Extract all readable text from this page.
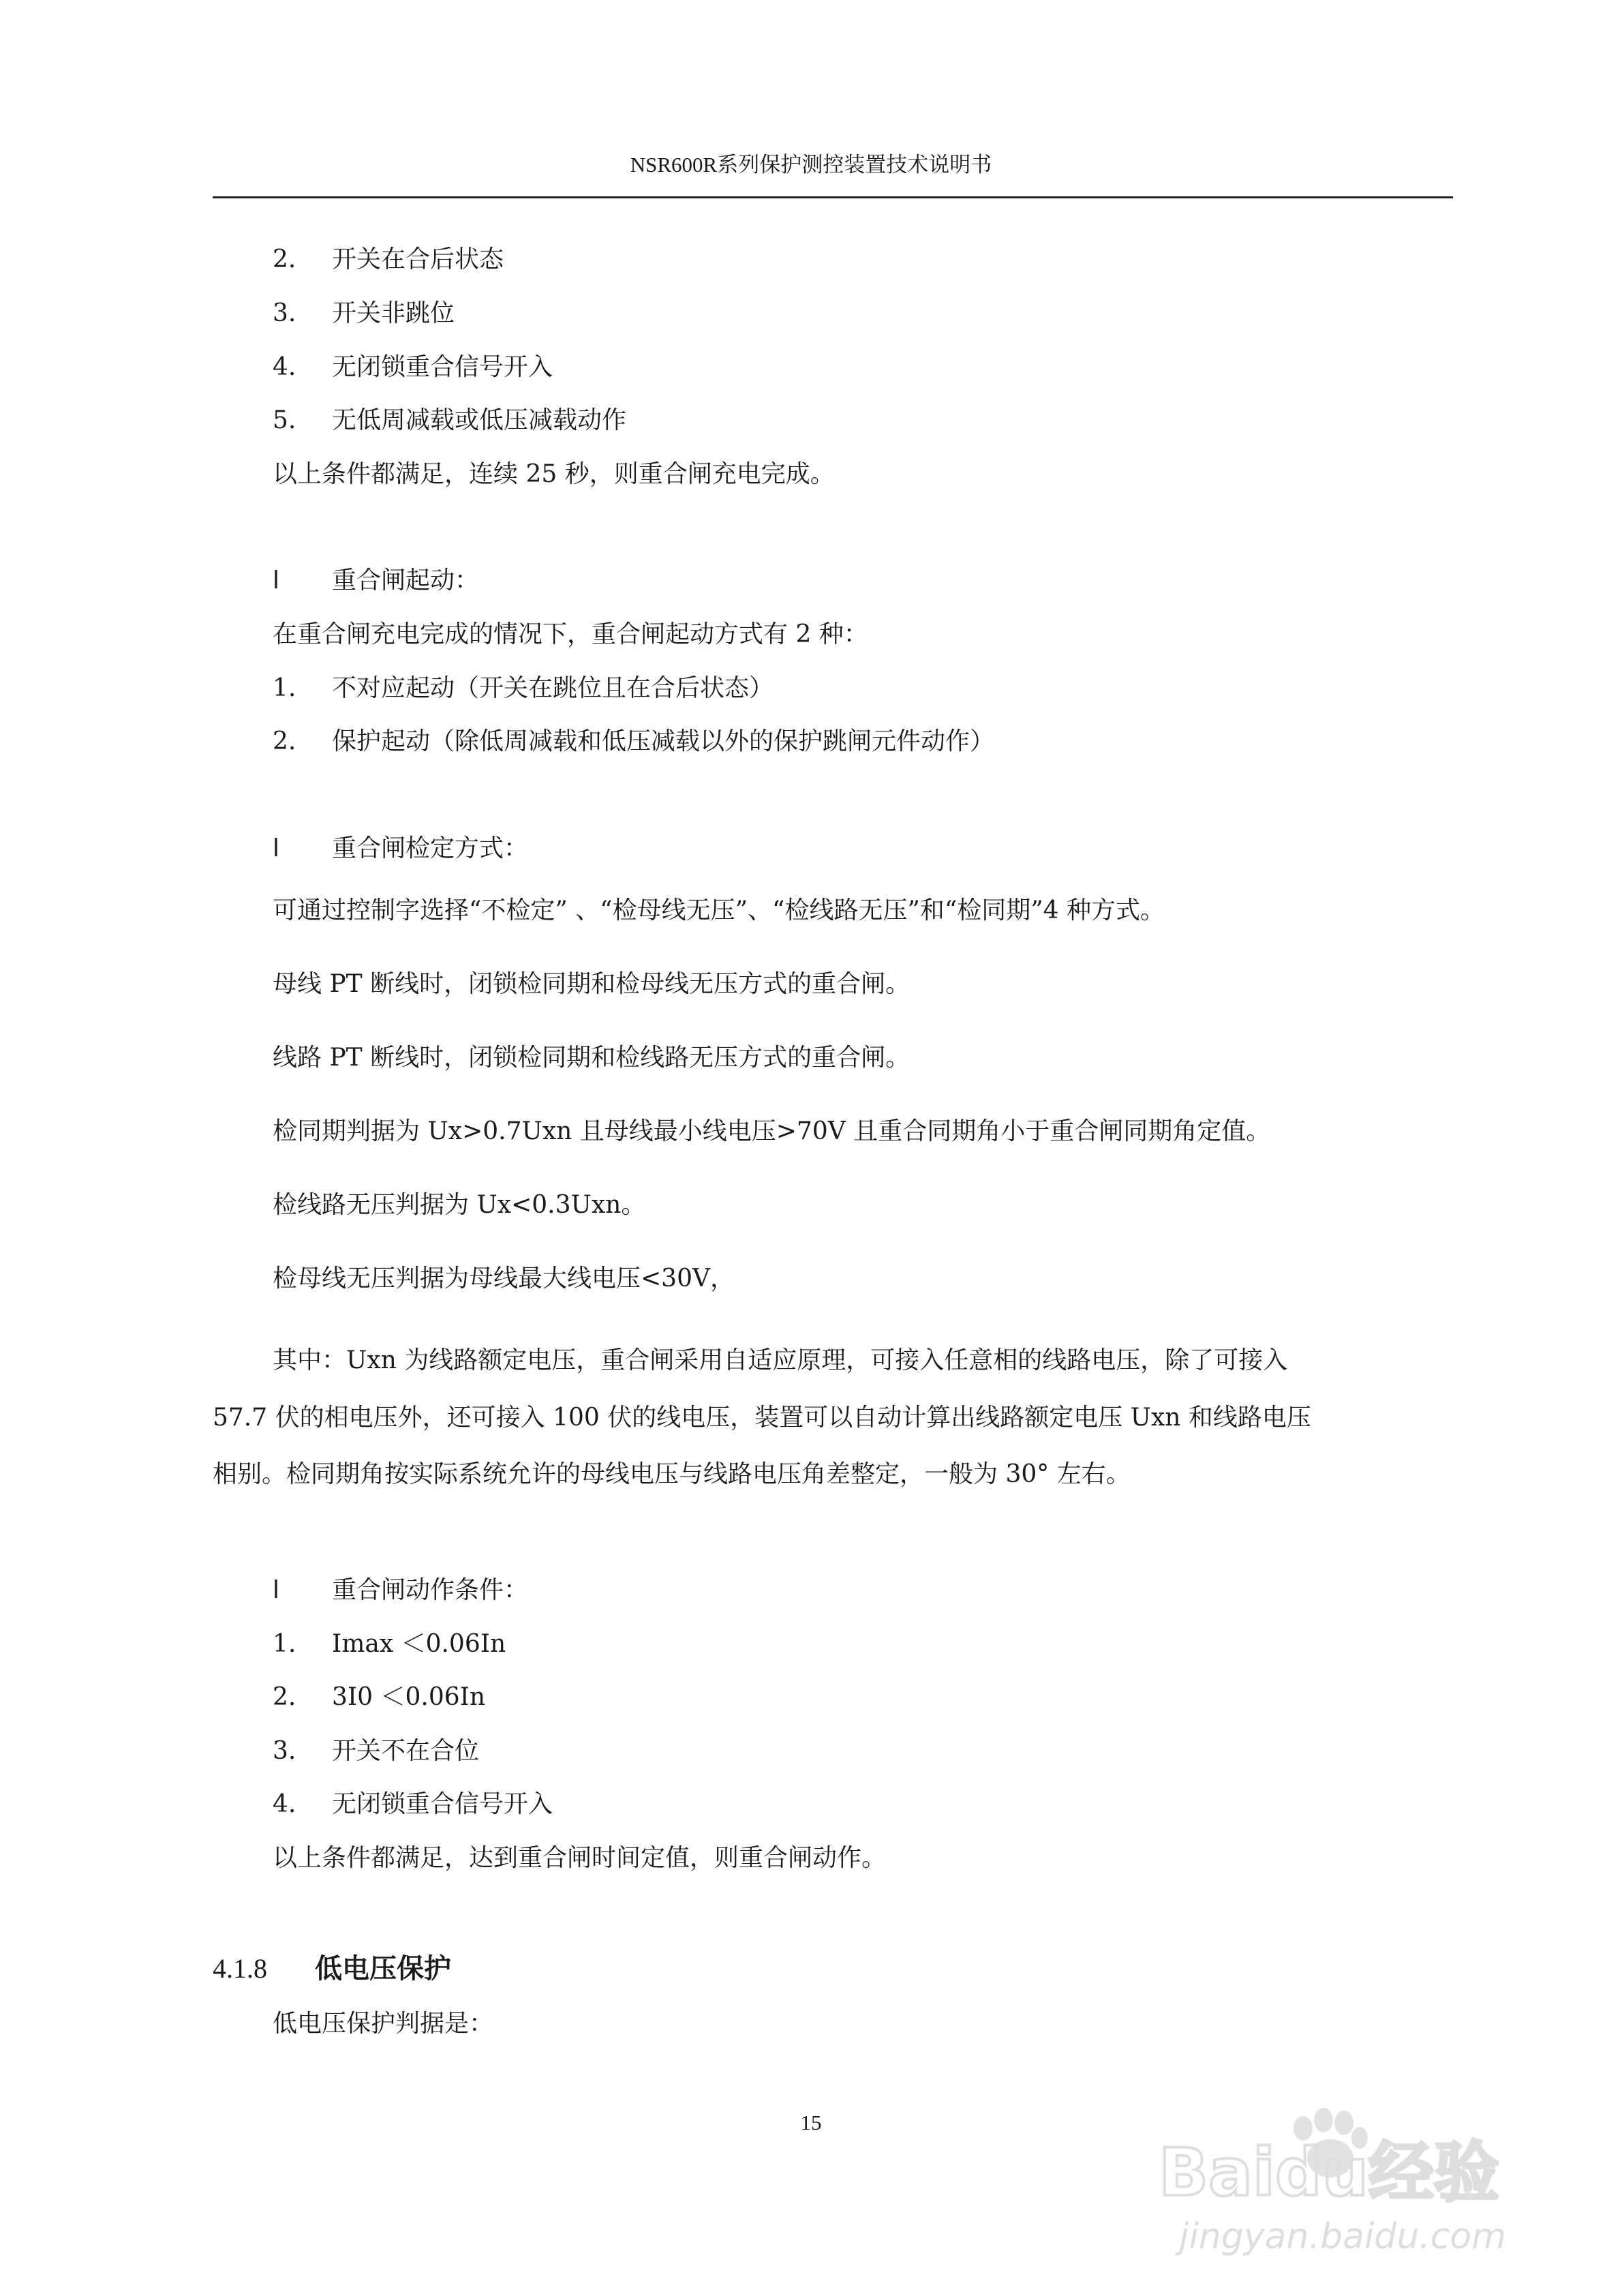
NSR600R系列保护测控装置技术说明书
2. 开关在合后状态
3. 开关非跳位
4. 无闭锁重合信号开入
5. 无低周减载或低压减载动作
以上条件都满足，连续 25 秒，则重合闸充电完成。
l 重合闸起动：
在重合闸充电完成的情况下，重合闸起动方式有 2 种：
1. 不对应起动（开关在跳位且在合后状态）
2. 保护起动（除低周减载和低压减载以外的保护跳闸元件动作）
l 重合闸检定方式：
可通过控制字选择“不检定” 、“检母线无压”、“检线路无压”和“检同期”4 种方式。
母线 PT 断线时，闭锁检同期和检母线无压方式的重合闸。
线路 PT 断线时，闭锁检同期和检线路无压方式的重合闸。
检同期判据为 Ux>0.7Uxn 且母线最小线电压>70V 且重合同期角小于重合闸同期角定值。
检线路无压判据为 Ux<0.3Uxn。
检母线无压判据为母线最大线电压<30V，
其中：Uxn 为线路额定电压，重合闸采用自适应原理，可接入任意相的线路电压，除了可接入
57.7 伏的相电压外，还可接入 100 伏的线电压，装置可以自动计算出线路额定电压 Uxn 和线路电压
相别。检同期角按实际系统允许的母线电压与线路电压角差整定，一般为 30° 左右。
l 重合闸动作条件：
1. Imax ＜0.06In
2. 3I0 ＜0.06In
3. 开关不在合位
4. 无闭锁重合信号开入
以上条件都满足，达到重合闸时间定值，则重合闸动作。
4.1.8 低电压保护
低电压保护判据是：
15
Baidu经验
jingyan.baidu.com
